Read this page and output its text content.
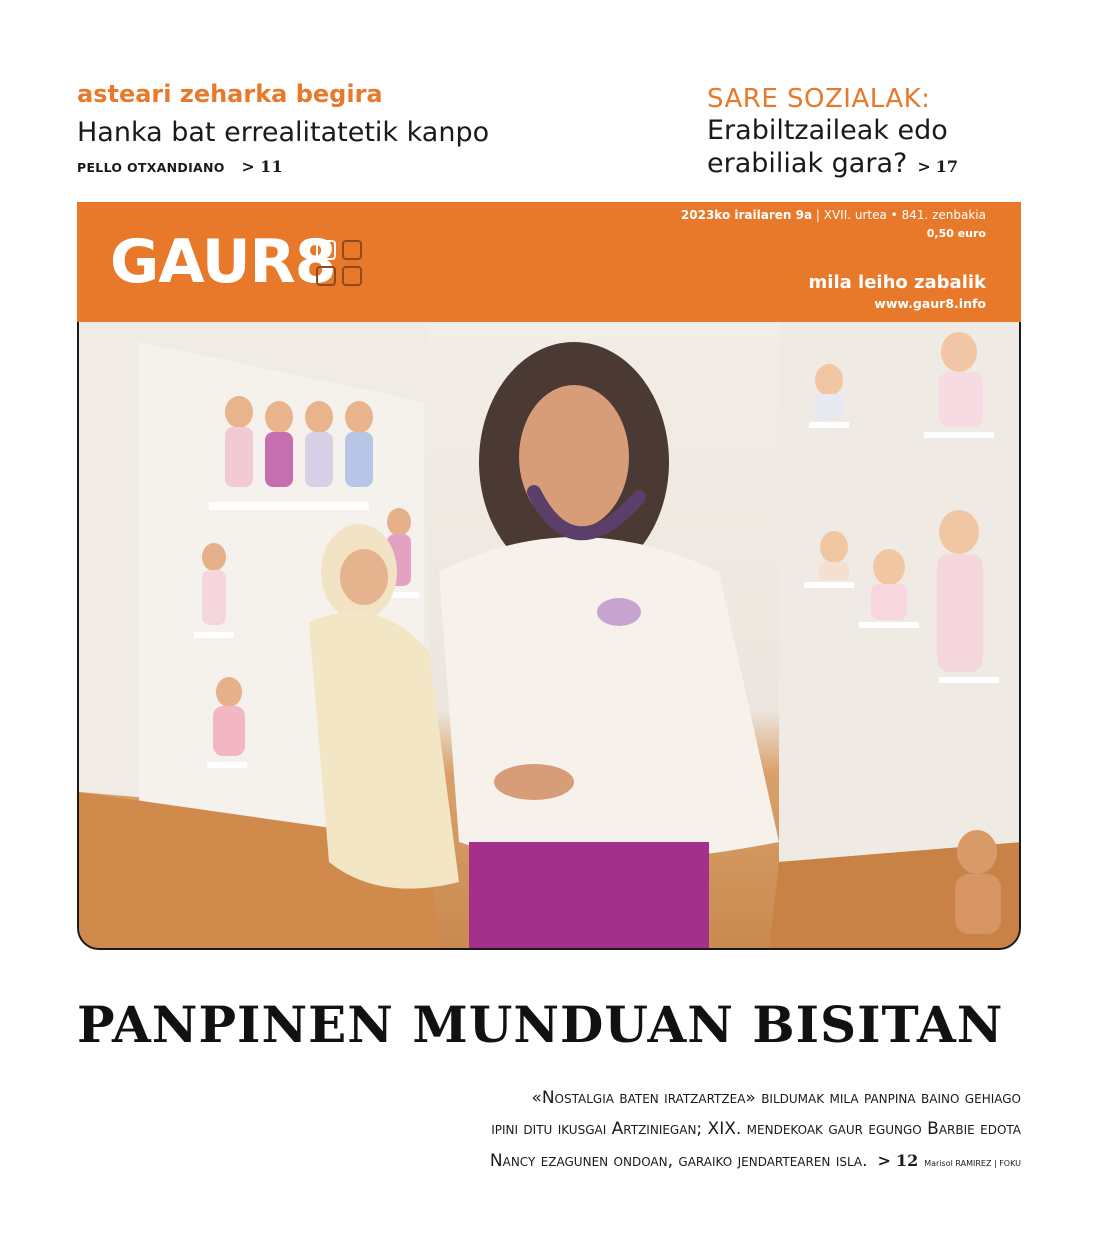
asteari zeharka begira
Hanka bat errealitatetik kanpo
PELLO OTXANDIANO > 11
SARE SOZIALAK:
Erabiltzaileak edo
erabiliak gara? > 17
GAUR8
2023ko irailaren 9a | XVII. urtea • 841. zenbakia
0,50 euro
mila leiho zabalik
www.gaur8.info
PANPINEN MUNDUAN BISITAN
«Nostalgia baten iratzartzea» bildumak mila panpina baino gehiago
ipini ditu ikusgai Artziniegan; XIX. mendekoak gaur egungo Barbie edota
Nancy ezagunen ondoan, garaiko jendartearen isla. > 12 Marisol RAMIREZ | FOKU
